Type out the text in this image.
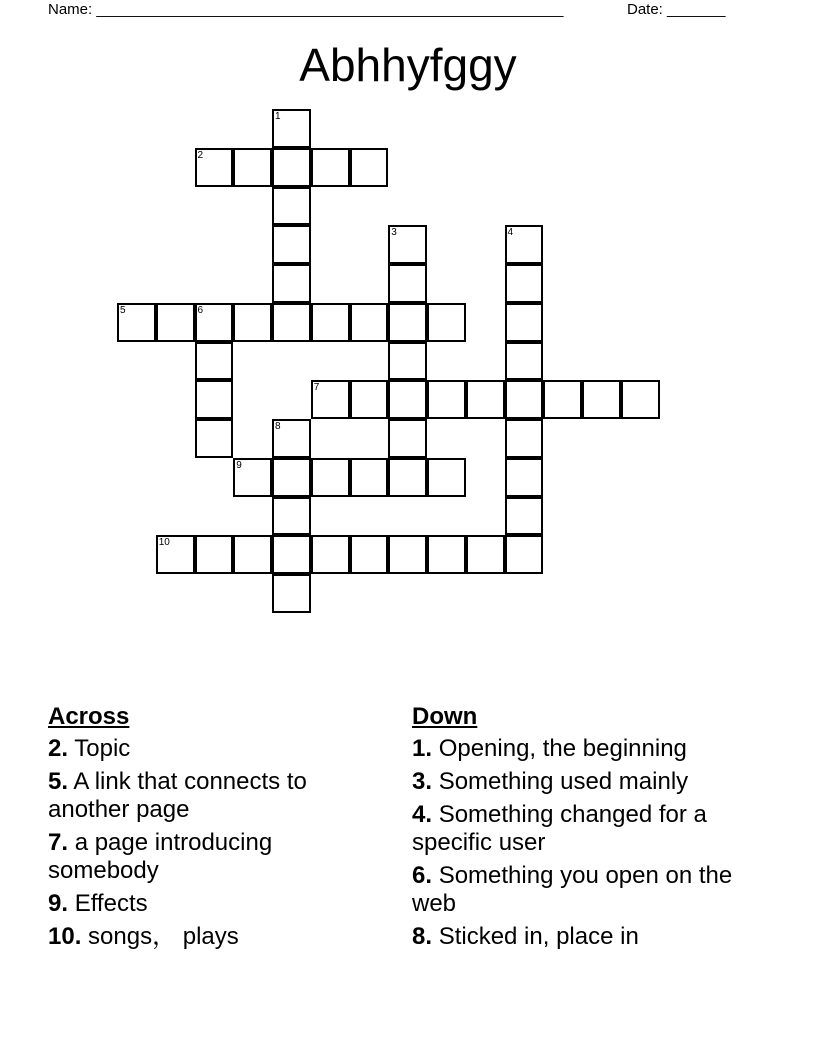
Name: ________________________________________________________	Date: _______
Abhhyfggy
1
2
3	4
5	6
7
8
9
10
Across
2. Topic
5. A link that connects to another page
7. a page introducing somebody
9. Effects
10. songs， plays
Down
1. Opening, the beginning
3. Something used mainly
4. Something changed for a specific user
6. Something you open on the web
8. Sticked in, place in
